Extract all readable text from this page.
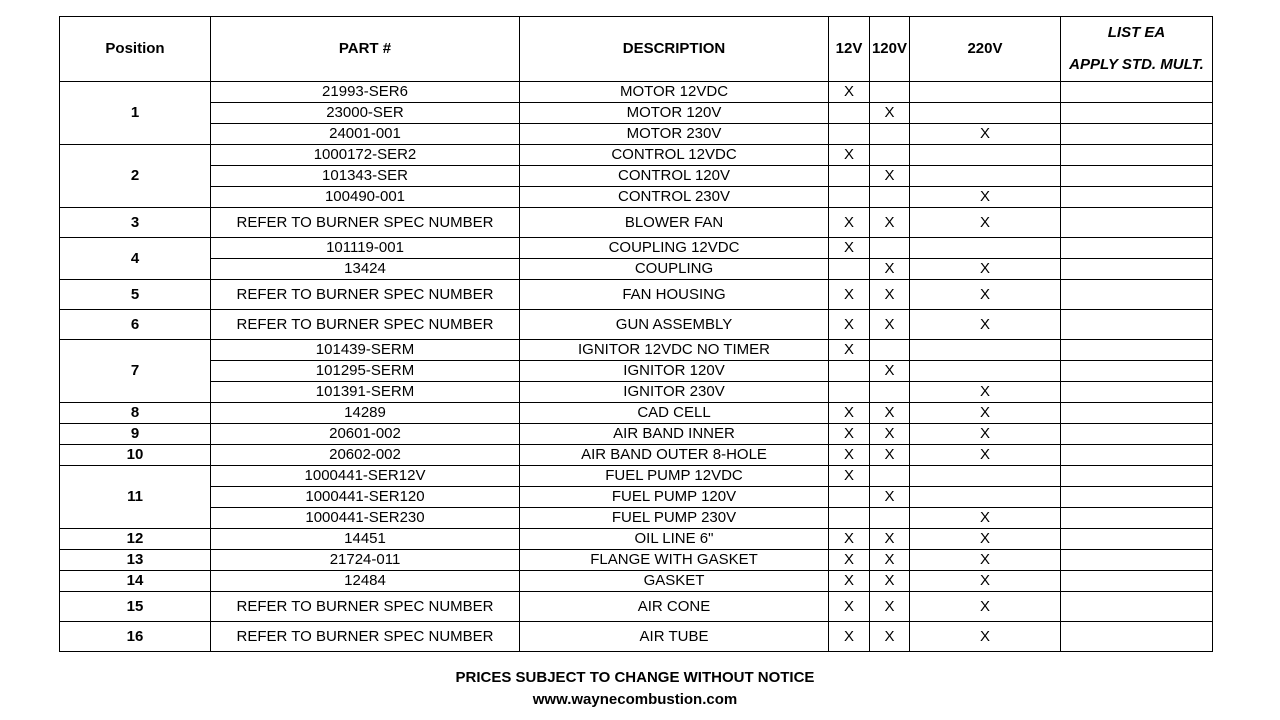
Position	PART #	DESCRIPTION	12V	120V	220V	LIST EA
APPLY STD. MULT.

1	21993-SER6	MOTOR 12VDC	X			
	23000-SER	MOTOR 120V		X		
	24001-001	MOTOR 230V			X	
2	1000172-SER2	CONTROL 12VDC	X			
	101343-SER	CONTROL 120V		X		
	100490-001	CONTROL 230V			X	
3	REFER TO BURNER SPEC NUMBER	BLOWER FAN	X	X	X	
4	101119-001	COUPLING 12VDC	X			
	13424	COUPLING		X	X	
5	REFER TO BURNER SPEC NUMBER	FAN HOUSING	X	X	X	
6	REFER TO BURNER SPEC NUMBER	GUN ASSEMBLY	X	X	X	
7	101439-SERM	IGNITOR 12VDC NO TIMER	X			
	101295-SERM	IGNITOR 120V		X		
	101391-SERM	IGNITOR 230V			X	
8	14289	CAD CELL	X	X	X	
9	20601-002	AIR BAND INNER	X	X	X	
10	20602-002	AIR BAND OUTER 8-HOLE	X	X	X	
11	1000441-SER12V	FUEL PUMP 12VDC	X			
	1000441-SER120	FUEL PUMP 120V		X		
	1000441-SER230	FUEL PUMP 230V			X	
12	14451	OIL LINE 6"	X	X	X	
13	21724-011	FLANGE WITH GASKET	X	X	X	
14	12484	GASKET	X	X	X	
15	REFER TO BURNER SPEC NUMBER	AIR CONE	X	X	X	
16	REFER TO BURNER SPEC NUMBER	AIR TUBE	X	X	X	
PRICES SUBJECT TO CHANGE WITHOUT NOTICE
www.waynecombustion.com
